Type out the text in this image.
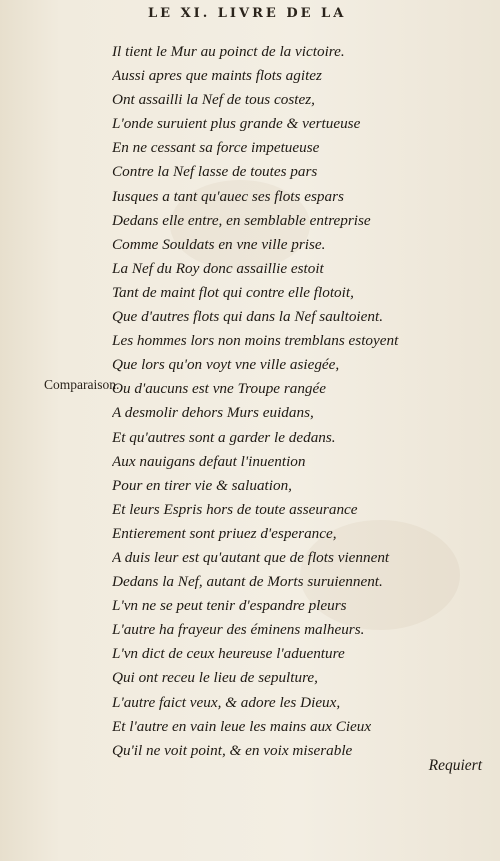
LE XI. LIVRE DE LA
Comparaison.
Il tient le Mur au poinct de la victoire.
Aussi apres que maints flots agitez
Ont assailli la Nef de tous costez,
L'onde suruient plus grande & vertueuse
En ne cessant sa force impetueuse
Contre la Nef lasse de toutes pars
Iusques a tant qu'auec ses flots espars
Dedans elle entre, en semblable entreprise
Comme Souldats en vne ville prise.
La Nef du Roy donc assaillie estoit
Tant de maint flot qui contre elle flotoit,
Que d'autres flots qui dans la Nef saultoient.
Les hommes lors non moins tremblans estoyent
Que lors qu'on voyt vne ville asiegée,
Ou d'aucuns est vne Troupe rangée
A desmolir dehors Murs euidans,
Et qu'autres sont a garder le dedans.
Aux nauigans defaut l'inuention
Pour en tirer vie & saluation,
Et leurs Espris hors de toute asseurance
Entierement sont priuez d'esperance,
A duis leur est qu'autant que de flots viennent
Dedans la Nef, autant de Morts suruiennent.
L'vn ne se peut tenir d'espandre pleurs
L'autre ha frayeur des éminens malheurs.
L'vn dict de ceux heureuse l'aduenture
Qui ont receu le lieu de sepulture,
L'autre faict veux, & adore les Dieux,
Et l'autre en vain leue les mains aux Cieux
Qu'il ne voit point, & en voix miserable
Requiert
